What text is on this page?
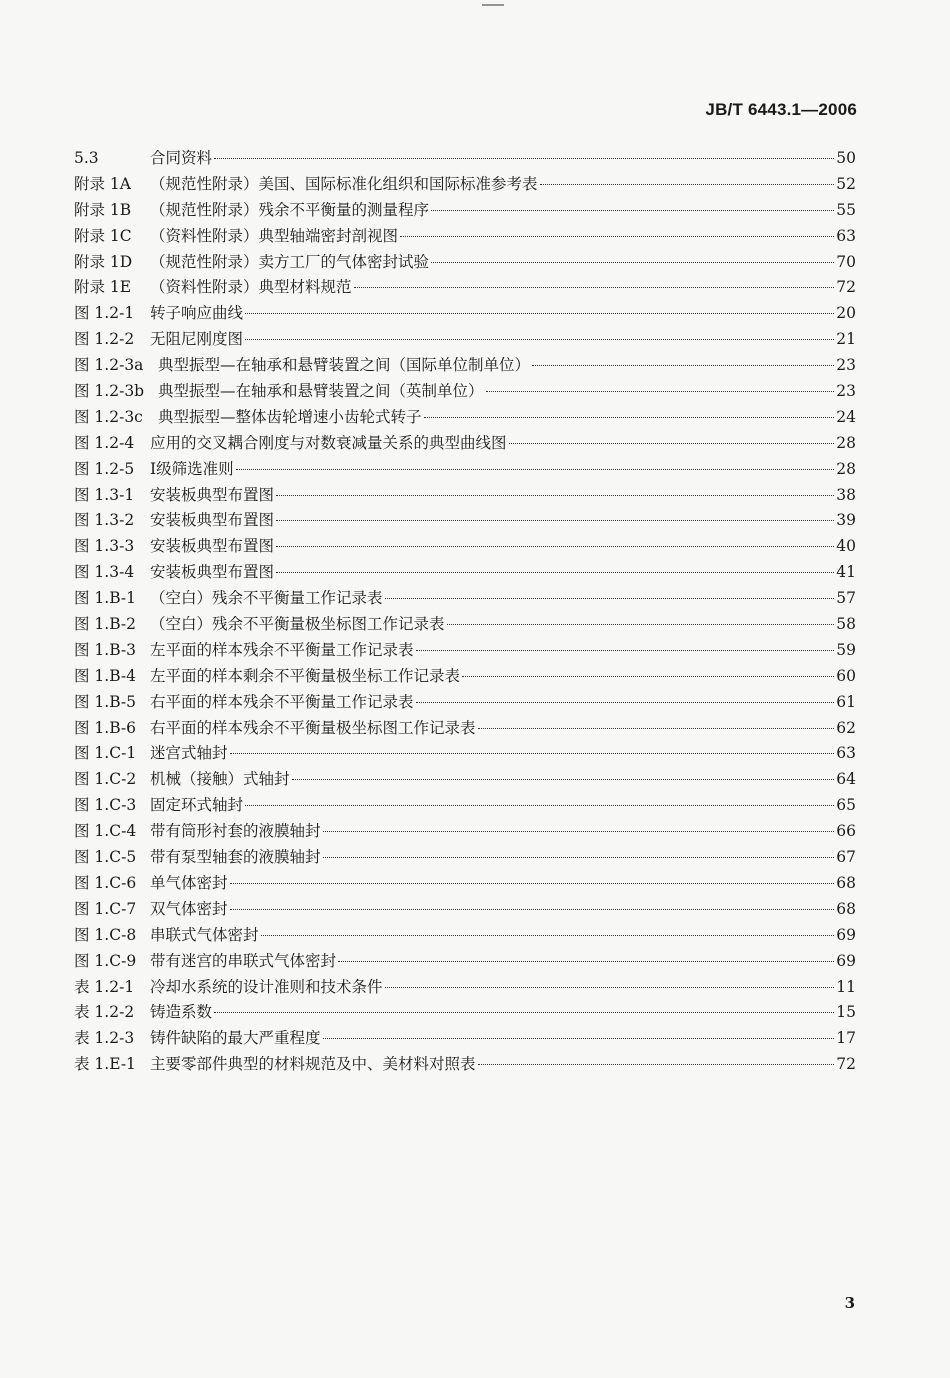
JB/T 6443.1—2006
5.3	合同资料	50
附录 1A	（规范性附录）美国、国际标准化组织和国际标准参考表	52
附录 1B	（规范性附录）残余不平衡量的测量程序	55
附录 1C	（资料性附录）典型轴端密封剖视图	63
附录 1D	（规范性附录）卖方工厂的气体密封试验	70
附录 1E	（资料性附录）典型材料规范	72
图 1.2-1	转子响应曲线	20
图 1.2-2	无阻尼刚度图	21
图 1.2-3a 典型振型—在轴承和悬臂装置之间（国际单位制单位）	23
图 1.2-3b 典型振型—在轴承和悬臂装置之间（英制单位）	23
图 1.2-3c 典型振型—整体齿轮增速小齿轮式转子	24
图 1.2-4	应用的交叉耦合刚度与对数衰减量关系的典型曲线图	28
图 1.2-5	Ⅰ级筛选准则	28
图 1.3-1	安装板典型布置图	38
图 1.3-2	安装板典型布置图	39
图 1.3-3	安装板典型布置图	40
图 1.3-4	安装板典型布置图	41
图 1.B-1 （空白）残余不平衡量工作记录表	57
图 1.B-2 （空白）残余不平衡量极坐标图工作记录表	58
图 1.B-3 左平面的样本残余不平衡量工作记录表	59
图 1.B-4 左平面的样本剩余不平衡量极坐标工作记录表	60
图 1.B-5 右平面的样本残余不平衡量工作记录表	61
图 1.B-6 右平面的样本残余不平衡量极坐标图工作记录表	62
图 1.C-1 迷宫式轴封	63
图 1.C-2 机械（接触）式轴封	64
图 1.C-3 固定环式轴封	65
图 1.C-4 带有筒形衬套的液膜轴封	66
图 1.C-5 带有泵型轴套的液膜轴封	67
图 1.C-6 单气体密封	68
图 1.C-7 双气体密封	68
图 1.C-8 串联式气体密封	69
图 1.C-9 带有迷宫的串联式气体密封	69
表 1.2-1	冷却水系统的设计准则和技术条件	11
表 1.2-2	铸造系数	15
表 1.2-3	铸件缺陷的最大严重程度	17
表 1.E-1 主要零部件典型的材料规范及中、美材料对照表	72
3
